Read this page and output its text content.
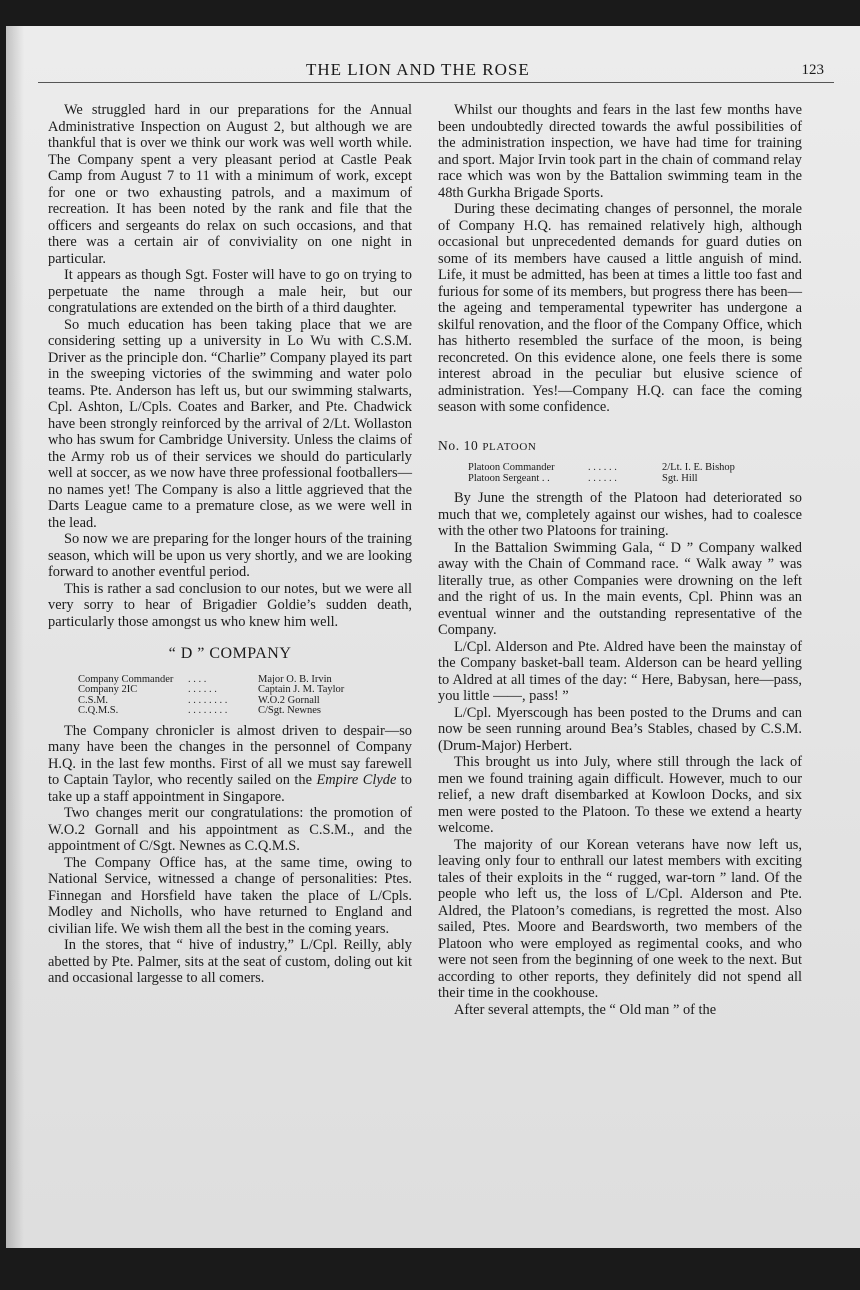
THE LION AND THE ROSE	123

We struggled hard in our preparations for the Annual Administrative Inspection on August 2, but although we are thankful that is over we think our work was well worth while. The Company spent a very pleasant period at Castle Peak Camp from August 7 to 11 with a minimum of work, except for one or two exhausting patrols, and a maximum of recreation. It has been noted by the rank and file that the officers and sergeants do relax on such occasions, and that there was a certain air of conviviality on one night in particular.

It appears as though Sgt. Foster will have to go on trying to perpetuate the name through a male heir, but our congratulations are extended on the birth of a third daughter.

So much education has been taking place that we are considering setting up a university in Lo Wu with C.S.M. Driver as the principle don. “Charlie” Company played its part in the sweeping victories of the swimming and water polo teams. Pte. Anderson has left us, but our swimming stalwarts, Cpl. Ashton, L/Cpls. Coates and Barker, and Pte. Chadwick have been strongly reinforced by the arrival of 2/Lt. Wollaston who has swum for Cambridge University. Unless the claims of the Army rob us of their services we should do particularly well at soccer, as we now have three professional footballers—no names yet! The Company is also a little aggrieved that the Darts League came to a premature close, as we were well in the lead.

So now we are preparing for the longer hours of the training season, which will be upon us very shortly, and we are looking forward to another eventful period.

This is rather a sad conclusion to our notes, but we were all very sorry to hear of Brigadier Goldie’s sudden death, particularly those amongst us who knew him well.

“ D ” COMPANY
Company Commander	. . . .	Major O. B. Irvin
Company 2IC	. . . . . .	Captain J. M. Taylor
C.S.M.	. . . . . . . .	W.O.2 Gornall
C.Q.M.S.	. . . . . . . .	C/Sgt. Newnes

The Company chronicler is almost driven to despair—so many have been the changes in the personnel of Company H.Q. in the last few months. First of all we must say farewell to Captain Taylor, who recently sailed on the Empire Clyde to take up a staff appointment in Singapore.

Two changes merit our congratulations: the promotion of W.O.2 Gornall and his appointment as C.S.M., and the appointment of C/Sgt. Newnes as C.Q.M.S.

The Company Office has, at the same time, owing to National Service, witnessed a change of personalities: Ptes. Finnegan and Horsfield have taken the place of L/Cpls. Modley and Nicholls, who have returned to England and civilian life. We wish them all the best in the coming years.

In the stores, that “ hive of industry,” L/Cpl. Reilly, ably abetted by Pte. Palmer, sits at the seat of custom, doling out kit and occasional largesse to all comers.

Whilst our thoughts and fears in the last few months have been undoubtedly directed towards the awful possibilities of the administration inspection, we have had time for training and sport. Major Irvin took part in the chain of command relay race which was won by the Battalion swimming team in the 48th Gurkha Brigade Sports.

During these decimating changes of personnel, the morale of Company H.Q. has remained relatively high, although occasional but unprecedented demands for guard duties on some of its members have caused a little anguish of mind. Life, it must be admitted, has been at times a little too fast and furious for some of its members, but progress there has been—the ageing and temperamental typewriter has undergone a skilful renovation, and the floor of the Company Office, which has hitherto resembled the surface of the moon, is being reconcreted. On this evidence alone, one feels there is some interest abroad in the peculiar but elusive science of administration. Yes!—Company H.Q. can face the coming season with some confidence.

No. 10 PLATOON
Platoon Commander	. . . . . .	2/Lt. I. E. Bishop
Platoon Sergeant . .	. . . . . .	Sgt. Hill

By June the strength of the Platoon had deteriorated so much that we, completely against our wishes, had to coalesce with the other two Platoons for training.

In the Battalion Swimming Gala, “ D ” Company walked away with the Chain of Command race. “ Walk away ” was literally true, as other Companies were drowning on the left and the right of us. In the main events, Cpl. Phinn was an eventual winner and the outstanding representative of the Company.

L/Cpl. Alderson and Pte. Aldred have been the mainstay of the Company basket-ball team. Alderson can be heard yelling to Aldred at all times of the day: “ Here, Babysan, here—pass, you little ——, pass! ”

L/Cpl. Myerscough has been posted to the Drums and can now be seen running around Bea’s Stables, chased by C.S.M. (Drum-Major) Herbert.

This brought us into July, where still through the lack of men we found training again difficult. However, much to our relief, a new draft disembarked at Kowloon Docks, and six men were posted to the Platoon. To these we extend a hearty welcome.

The majority of our Korean veterans have now left us, leaving only four to enthrall our latest members with exciting tales of their exploits in the “ rugged, war-torn ” land. Of the people who left us, the loss of L/Cpl. Alderson and Pte. Aldred, the Platoon’s comedians, is regretted the most. Also sailed, Ptes. Moore and Beardsworth, two members of the Platoon who were employed as regimental cooks, and who were not seen from the beginning of one week to the next. But according to other reports, they definitely did not spend all their time in the cookhouse.

After several attempts, the “ Old man ” of the
